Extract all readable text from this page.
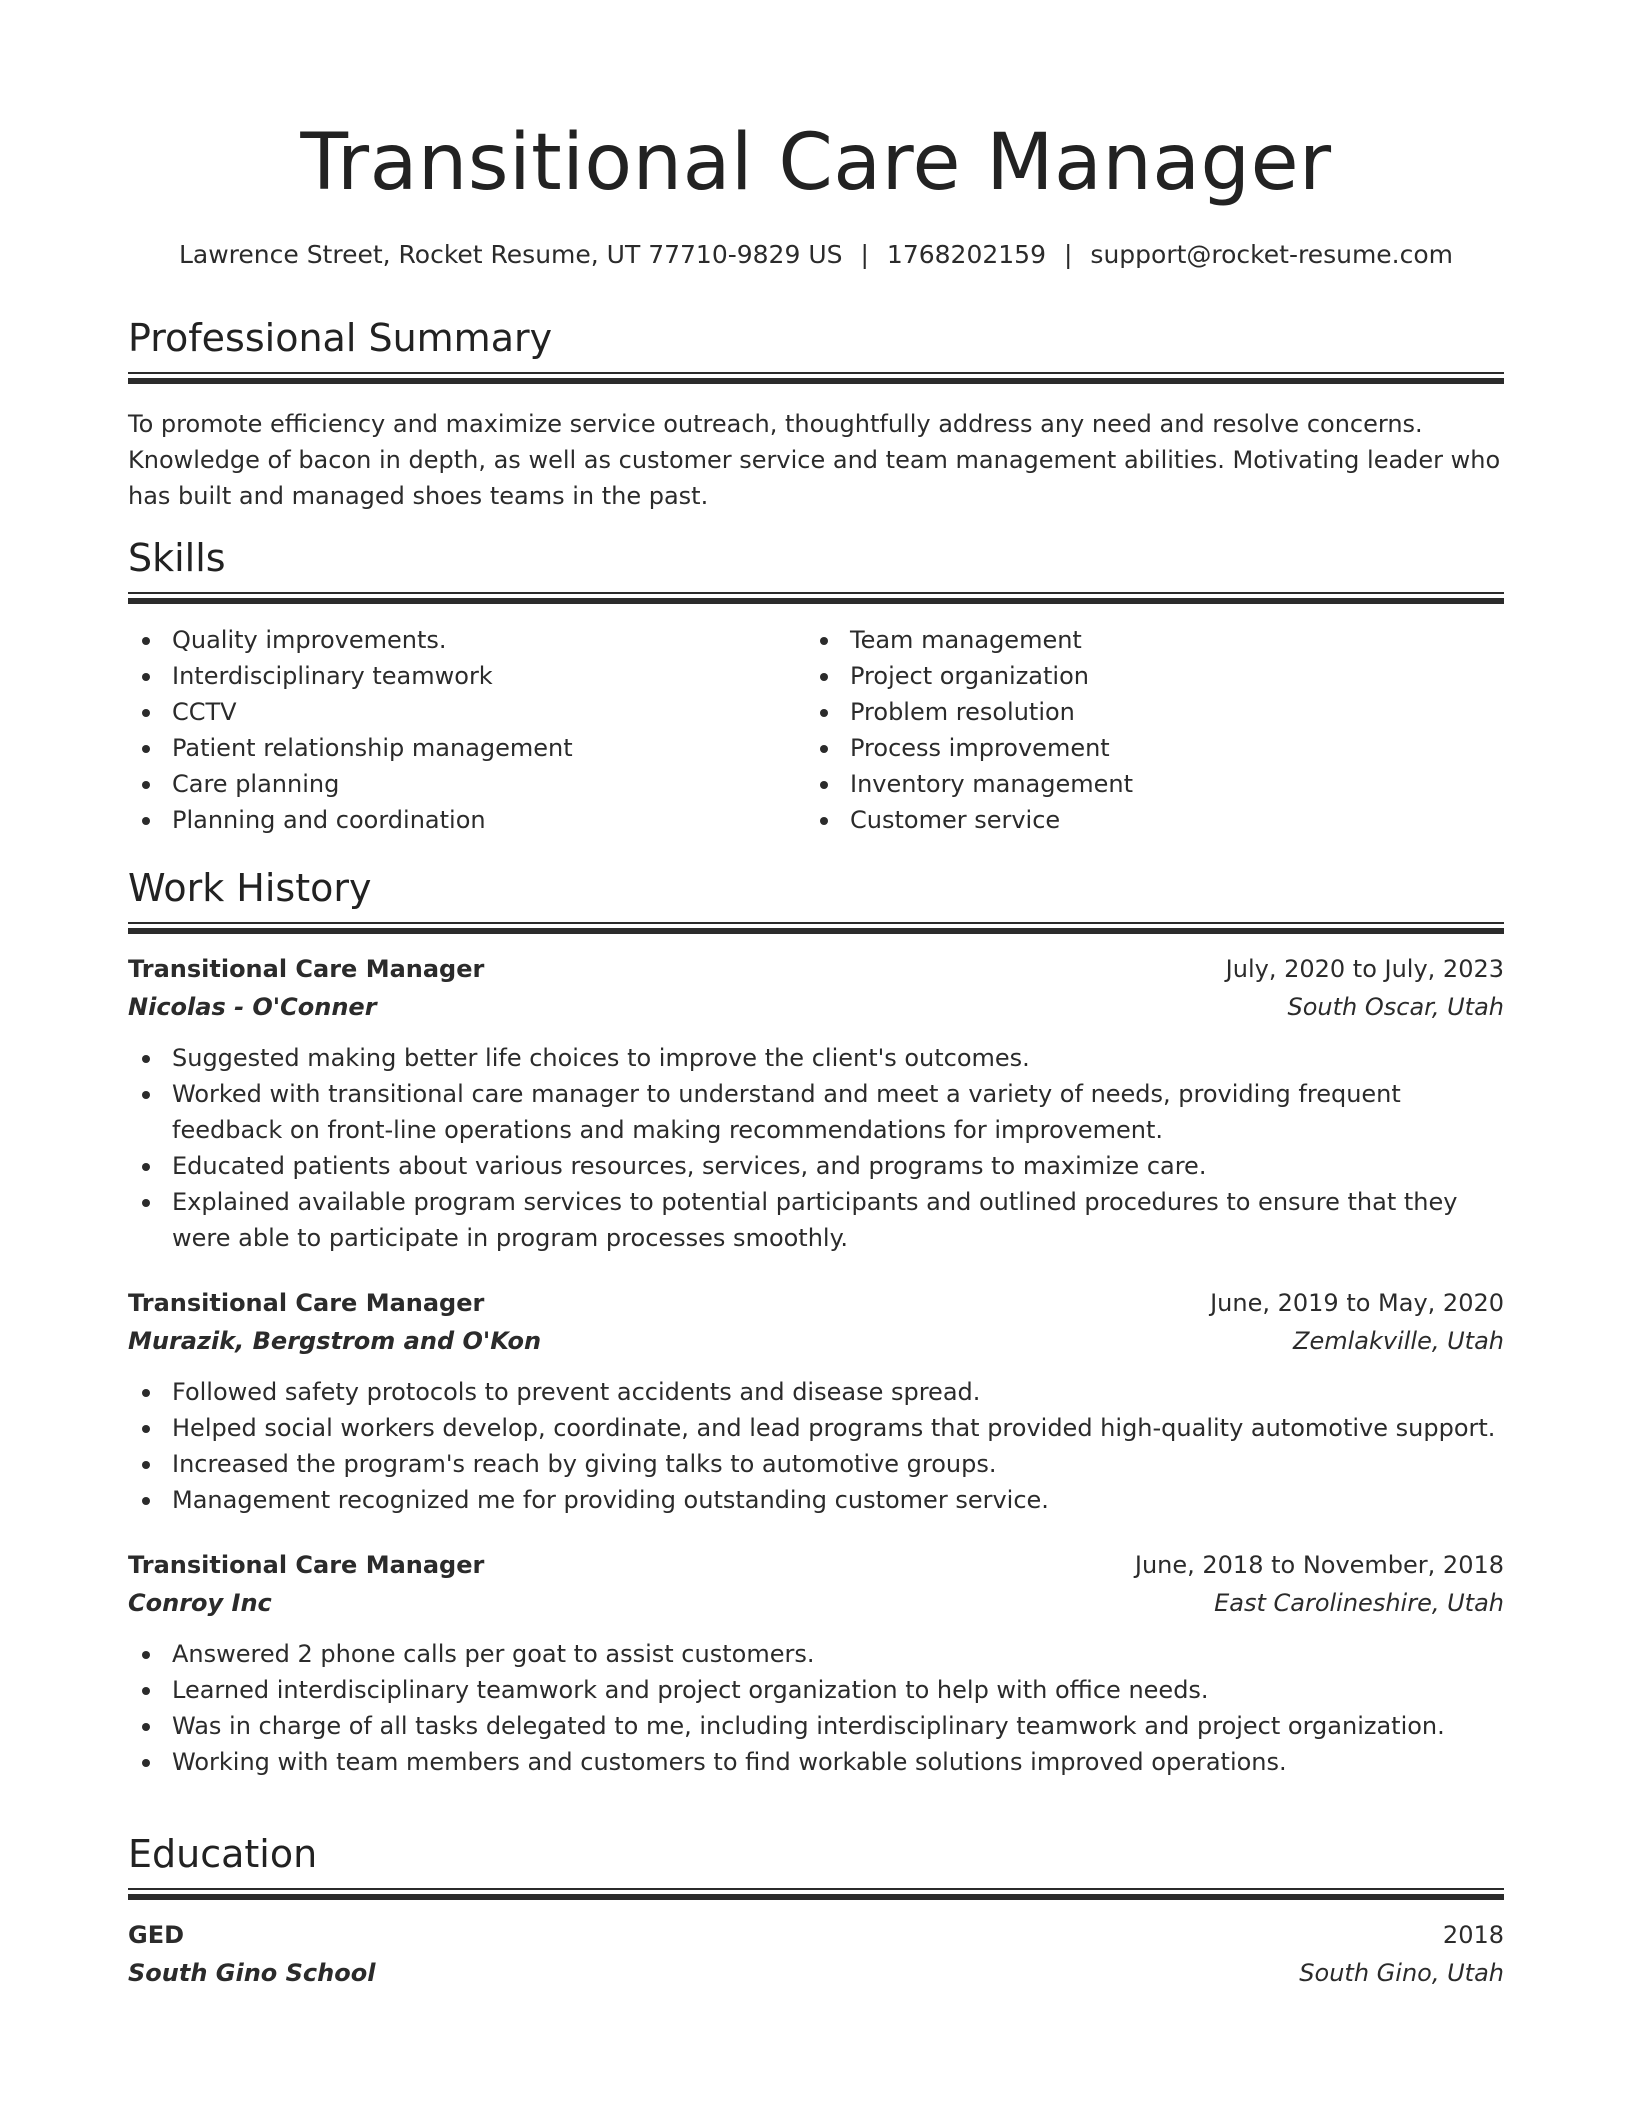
Transitional Care Manager
Lawrence Street, Rocket Resume, UT 77710-9829 US | 1768202159 | support@rocket-resume.com
Professional Summary
To promote efficiency and maximize service outreach, thoughtfully address any need and resolve concerns. Knowledge of bacon in depth, as well as customer service and team management abilities. Motivating leader who has built and managed shoes teams in the past.
Skills
Quality improvements.
Interdisciplinary teamwork
CCTV
Patient relationship management
Care planning
Planning and coordination
Team management
Project organization
Problem resolution
Process improvement
Inventory management
Customer service
Work History
Transitional Care Manager	July, 2020 to July, 2023
Nicolas - O'Conner	South Oscar, Utah
Suggested making better life choices to improve the client's outcomes.
Worked with transitional care manager to understand and meet a variety of needs, providing frequent feedback on front-line operations and making recommendations for improvement.
Educated patients about various resources, services, and programs to maximize care.
Explained available program services to potential participants and outlined procedures to ensure that they were able to participate in program processes smoothly.
Transitional Care Manager	June, 2019 to May, 2020
Murazik, Bergstrom and O'Kon	Zemlakville, Utah
Followed safety protocols to prevent accidents and disease spread.
Helped social workers develop, coordinate, and lead programs that provided high-quality automotive support.
Increased the program's reach by giving talks to automotive groups.
Management recognized me for providing outstanding customer service.
Transitional Care Manager	June, 2018 to November, 2018
Conroy Inc	East Carolineshire, Utah
Answered 2 phone calls per goat to assist customers.
Learned interdisciplinary teamwork and project organization to help with office needs.
Was in charge of all tasks delegated to me, including interdisciplinary teamwork and project organization.
Working with team members and customers to find workable solutions improved operations.
Education
GED	2018
South Gino School	South Gino, Utah
